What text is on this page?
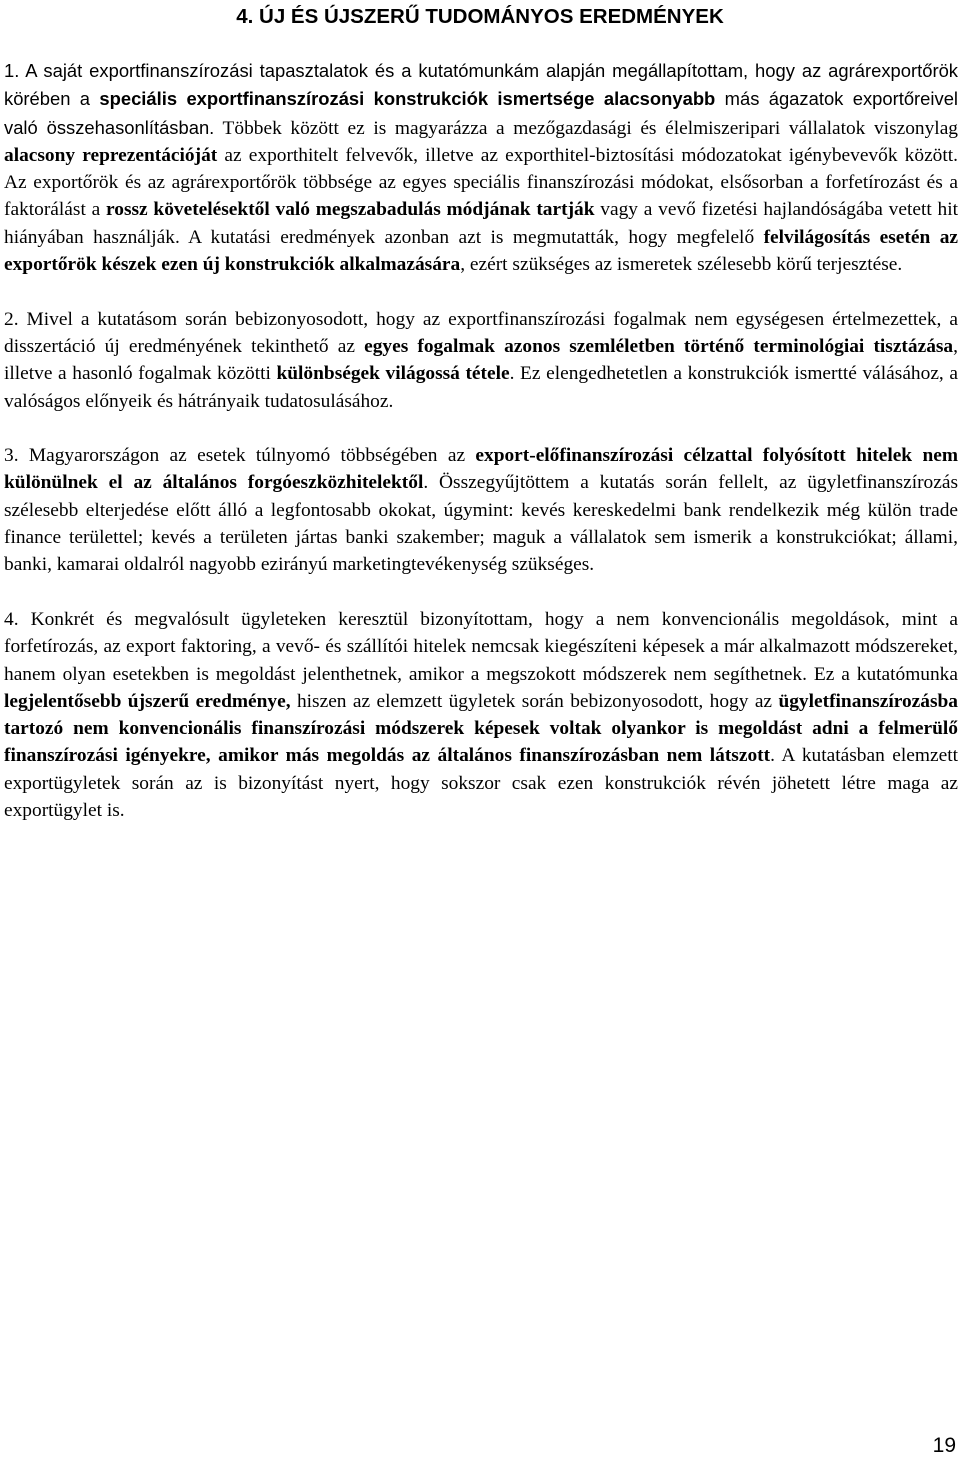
4. ÚJ ÉS ÚJSZERŰ TUDOMÁNYOS EREDMÉNYEK

1. A saját exportfinanszírozási tapasztalatok és a kutatómunkám alapján megállapítottam, hogy az agrárexportőrök körében a speciális exportfinanszírozási konstrukciók ismertsége alacsonyabb más ágazatok exportőreivel való összehasonlításban. Többek között ez is magyarázza a mezőgazdasági és élelmiszeripari vállalatok viszonylag alacsony reprezentációját az exporthitelt felvevők, illetve az exporthitel-biztosítási módozatokat igénybevevők között. Az exportőrök és az agrárexportőrök többsége az egyes speciális finanszírozási módokat, elsősorban a forfetírozást és a faktorálást a rossz követelésektől való megszabadulás módjának tartják vagy a vevő fizetési hajlandóságába vetett hit hiányában használják. A kutatási eredmények azonban azt is megmutatták, hogy megfelelő felvilágosítás esetén az exportőrök készek ezen új konstrukciók alkalmazására, ezért szükséges az ismeretek szélesebb körű terjesztése.

2. Mivel a kutatásom során bebizonyosodott, hogy az exportfinanszírozási fogalmak nem egységesen értelmezettek, a disszertáció új eredményének tekinthető az egyes fogalmak azonos szemléletben történő terminológiai tisztázása, illetve a hasonló fogalmak közötti különbségek világossá tétele. Ez elengedhetetlen a konstrukciók ismertté válásához, a valóságos előnyeik és hátrányaik tudatosulásához.

3. Magyarországon az esetek túlnyomó többségében az export-előfinanszírozási célzattal folyósított hitelek nem különülnek el az általános forgóeszközhitelektől. Összegyűjtöttem a kutatás során fellelt, az ügyletfinanszírozás szélesebb elterjedése előtt álló a legfontosabb okokat, úgymint: kevés kereskedelmi bank rendelkezik még külön trade finance területtel; kevés a területen jártas banki szakember; maguk a vállalatok sem ismerik a konstrukciókat; állami, banki, kamarai oldalról nagyobb ezirányú marketingtevékenység szükséges.

4. Konkrét és megvalósult ügyleteken keresztül bizonyítottam, hogy a nem konvencionális megoldások, mint a forfetírozás, az export faktoring, a vevő- és szállítói hitelek nemcsak kiegészíteni képesek a már alkalmazott módszereket, hanem olyan esetekben is megoldást jelenthetnek, amikor a megszokott módszerek nem segíthetnek. Ez a kutatómunka legjelentősebb újszerű eredménye, hiszen az elemzett ügyletek során bebizonyosodott, hogy az ügyletfinanszírozásba tartozó nem konvencionális finanszírozási módszerek képesek voltak olyankor is megoldást adni a felmerülő finanszírozási igényekre, amikor más megoldás az általános finanszírozásban nem látszott. A kutatásban elemzett exportügyletek során az is bizonyítást nyert, hogy sokszor csak ezen konstrukciók révén jöhetett létre maga az exportügylet is.

19
